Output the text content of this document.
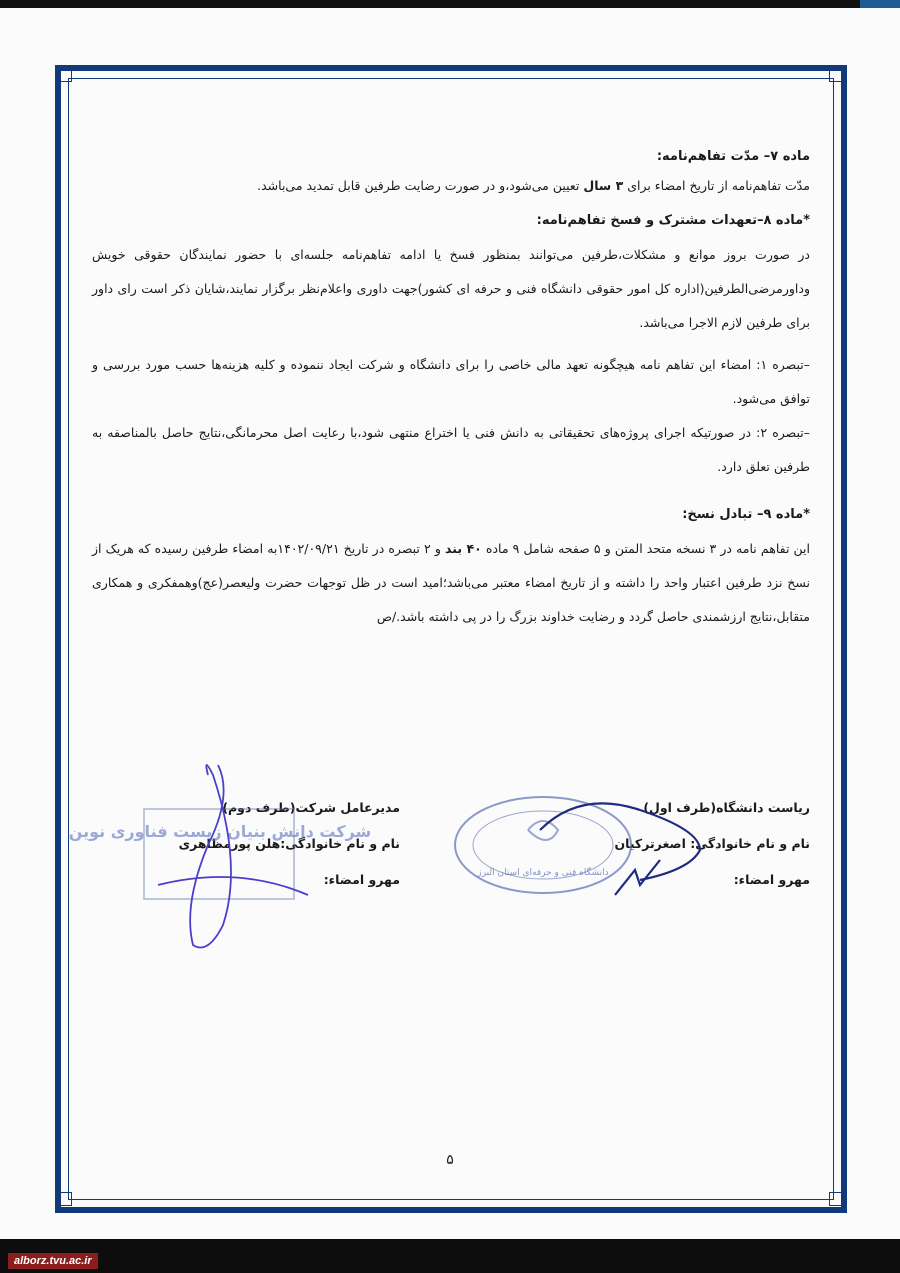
ماده ۷– مدّت تفاهم‌نامه:

مدّت تفاهم‌نامه از تاریخ امضاء برای ۳ سال تعیین می‌شود،و در صورت رضایت طرفین قابل تمدید می‌باشد.

*ماده ۸–تعهدات مشترک و فسخ تفاهم‌نامه:

در صورت بروز موانع و مشکلات،طرفین می‌توانند بمنظور فسخ یا ادامه تفاهم‌نامه جلسه‌ای با حضور نمایندگان حقوقی خویش وداورمرضی‌الطرفین(اداره کل امور حقوقی دانشگاه فنی و حرفه ای کشور)جهت داوری واعلام‌نظر برگزار نمایند،شایان ذکر است رای داور برای طرفین لازم الاجرا می‌باشد.

–تبصره ۱: امضاء این تفاهم نامه هیچگونه تعهد مالی خاصی را برای دانشگاه و شرکت ایجاد ننموده و کلیه هزینه‌ها حسب مورد بررسی و توافق می‌شود.

–تبصره ۲: در صورتیکه اجرای پروژه‌های تحقیقاتی به دانش فنی یا اختراع منتهی شود،با رعایت اصل محرمانگی،نتایج حاصل بالمناصفه به طرفین تعلق دارد.

*ماده ۹– تبادل نسخ:

این تفاهم نامه در ۳ نسخه متحد المتن و ۵ صفحه شامل ۹ ماده ۴۰ بند و ۲ تبصره در تاریخ ۱۴۰۲/۰۹/۲۱به امضاء طرفین رسیده که هریک از نسخ نزد طرفین اعتبار واحد را داشته و از تاریخ امضاء معتبر می‌باشد؛امید است در ظل توجهات حضرت ولیعصر(عج)وهمفکری و همکاری متقابل،نتایج ارزشمندی حاصل گردد و رضایت خداوند بزرگ را در پی داشته باشد./ص

ریاست دانشگاه(طرف اول)
نام و نام خانوادگی: اصغرترکیان
مهرو امضاء:
مدیرعامل شرکت(طرف دوم)
نام و نام خانوادگی:هلن پورمظاهری
مهرو امضاء:	دانشگاه فنی و حرفه‌ای استان البرز
شرکت دانش بنیان زیست فناوری نوین
۵
alborz.tvu.ac.ir
